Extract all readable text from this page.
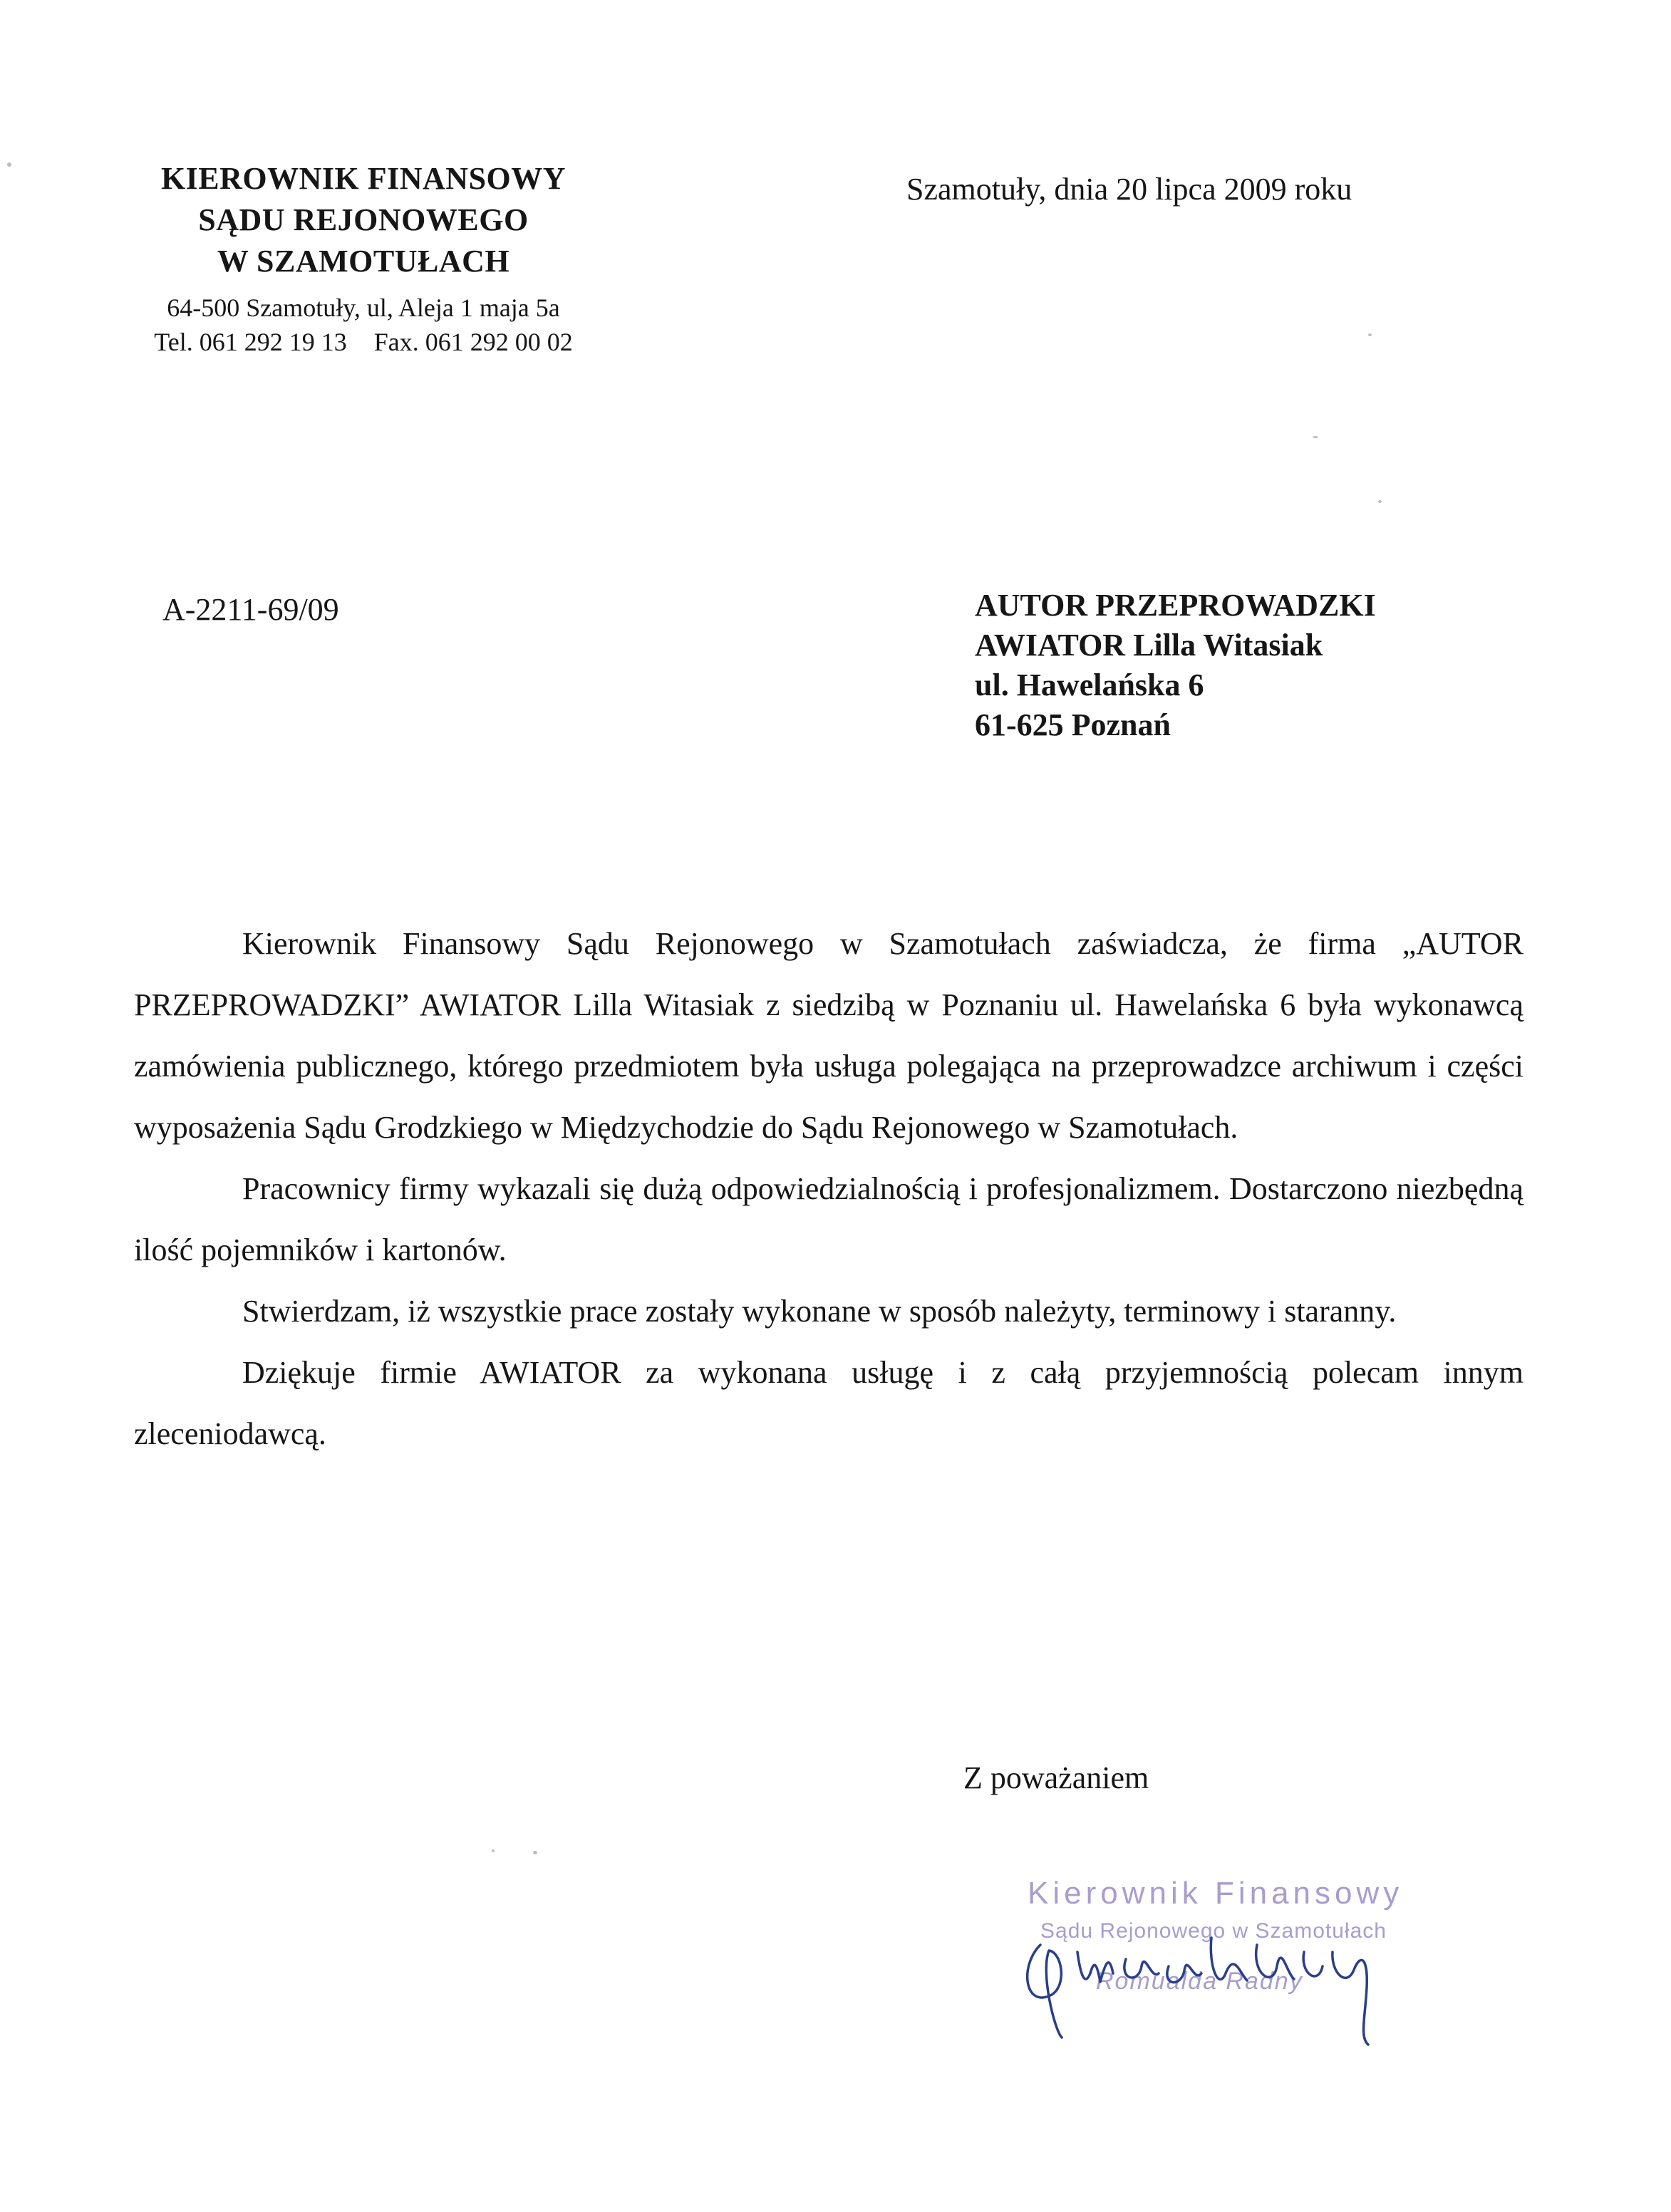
KIEROWNIK FINANSOWY
SĄDU REJONOWEGO
W SZAMOTUŁACH
64-500 Szamotuły, ul, Aleja 1 maja 5a
Tel. 061 292 19 13 Fax. 061 292 00 02
Szamotuły, dnia 20 lipca 2009 roku
A-2211-69/09	AUTOR PRZEPROWADZKI
AWIATOR Lilla Witasiak
ul. Hawelańska 6
61-625 Poznań

Kierownik Finansowy Sądu Rejonowego w Szamotułach zaświadcza, że firma „AUTOR PRZEPROWADZKI” AWIATOR Lilla Witasiak z siedzibą w Poznaniu ul. Hawelańska 6 była wykonawcą zamówienia publicznego, którego przedmiotem była usługa polegająca na przeprowadzce archiwum i części wyposażenia Sądu Grodzkiego w Międzychodzie do Sądu Rejonowego w Szamotułach.

Pracownicy firmy wykazali się dużą odpowiedzialnością i profesjonalizmem. Dostarczono niezbędną ilość pojemników i kartonów.

Stwierdzam, iż wszystkie prace zostały wykonane w sposób należyty, terminowy i staranny.

Dziękuje firmie AWIATOR za wykonana usługę i z całą przyjemnością polecam innym zleceniodawcą.

Z poważaniem
Kierownik Finansowy
Sądu Rejonowego w Szamotułach
Romualda Radny
